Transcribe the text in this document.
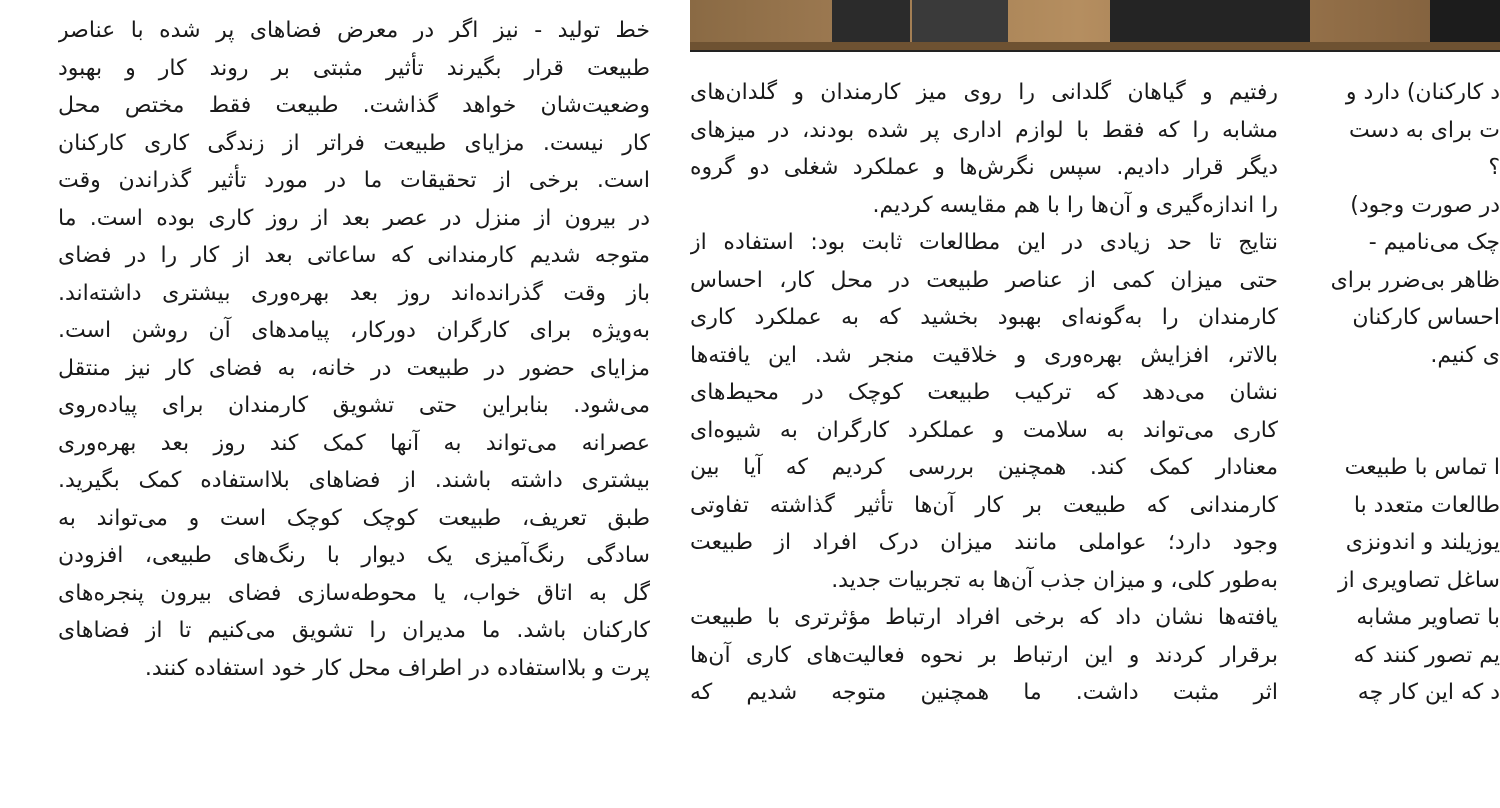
خط تولید - نیز اگر در معرض فضاهای پر شده با عناصر
طبیعت قرار بگیرند تأثیر مثبتی بر روند کار و بهبود
وضعیت‌شان خواهد گذاشت. طبیعت فقط مختص محل
کار نیست. مزایای طبیعت فراتر از زندگی کاری کارکنان
است. برخی از تحقیقات ما در مورد تأثیر گذراندن وقت
در بیرون از منزل در عصر بعد از روز کاری بوده است. ما
متوجه شدیم کارمندانی که ساعاتی بعد از کار را در فضای
باز وقت گذرانده‌اند روز بعد بهره‌وری بیشتری داشته‌اند.
به‌ویژه برای کارگران دورکار، پیامدهای آن روشن است.
مزایای حضور در طبیعت در خانه، به فضای کار نیز منتقل
می‌شود. بنابراین حتی تشویق کارمندان برای پیاده‌روی
عصرانه می‌تواند به آنها کمک کند روز بعد بهره‌وری
بیشتری داشته باشند. از فضاهای بلااستفاده کمک بگیرید.
طبق تعریف، طبیعت کوچک کوچک است و می‌تواند به
سادگی رنگ‌آمیزی یک دیوار با رنگ‌های طبیعی، افزودن
گل به اتاق خواب، یا محوطه‌سازی فضای بیرون پنجره‌های
کارکنان باشد. ما مدیران را تشویق می‌کنیم تا از فضاهای
پرت و بلااستفاده در اطراف محل کار خود استفاده کنند.
رفتیم و گیاهان گلدانی را روی میز کارمندان و گلدان‌های
مشابه را که فقط با لوازم اداری پر شده بودند، در میزهای
دیگر قرار دادیم. سپس نگرش‌ها و عملکرد شغلی دو گروه
را اندازه‌گیری و آن‌ها را با هم مقایسه کردیم.
نتایج تا حد زیادی در این مطالعات ثابت بود: استفاده از
حتی میزان کمی از عناصر طبیعت در محل کار، احساس
کارمندان را به‌گونه‌ای بهبود بخشید که به عملکرد کاری
بالاتر، افزایش بهره‌وری و خلاقیت منجر شد. این یافته‌ها
نشان می‌دهد که ترکیب طبیعت کوچک در محیط‌های
کاری می‌تواند به سلامت و عملکرد کارگران به شیوه‌ای
معنادار کمک کند. همچنین بررسی کردیم که آیا بین
کارمندانی که طبیعت بر کار آن‌ها تأثیر گذاشته تفاوتی
وجود دارد؛ عواملی مانند میزان درک افراد از طبیعت
به‌طور کلی، و میزان جذب آن‌ها به تجربیات جدید.
یافته‌ها نشان داد که برخی افراد ارتباط مؤثرتری با طبیعت
برقرار کردند و این ارتباط بر نحوه فعالیت‌های کاری آن‌ها
اثر مثبت داشت. ما همچنین متوجه شدیم که
د کارکنان) دارد و
ت برای به دست
؟
در صورت وجود)
چک می‌نامیم -
ظاهر بی‌ضرر برای
احساس کارکنان
ی کنیم.
ا تماس با طبیعت
طالعات متعدد با
یوزیلند و اندونزی
ساغل تصاویری از
با تصاویر مشابه
یم تصور کنند که
د که این کار چه
